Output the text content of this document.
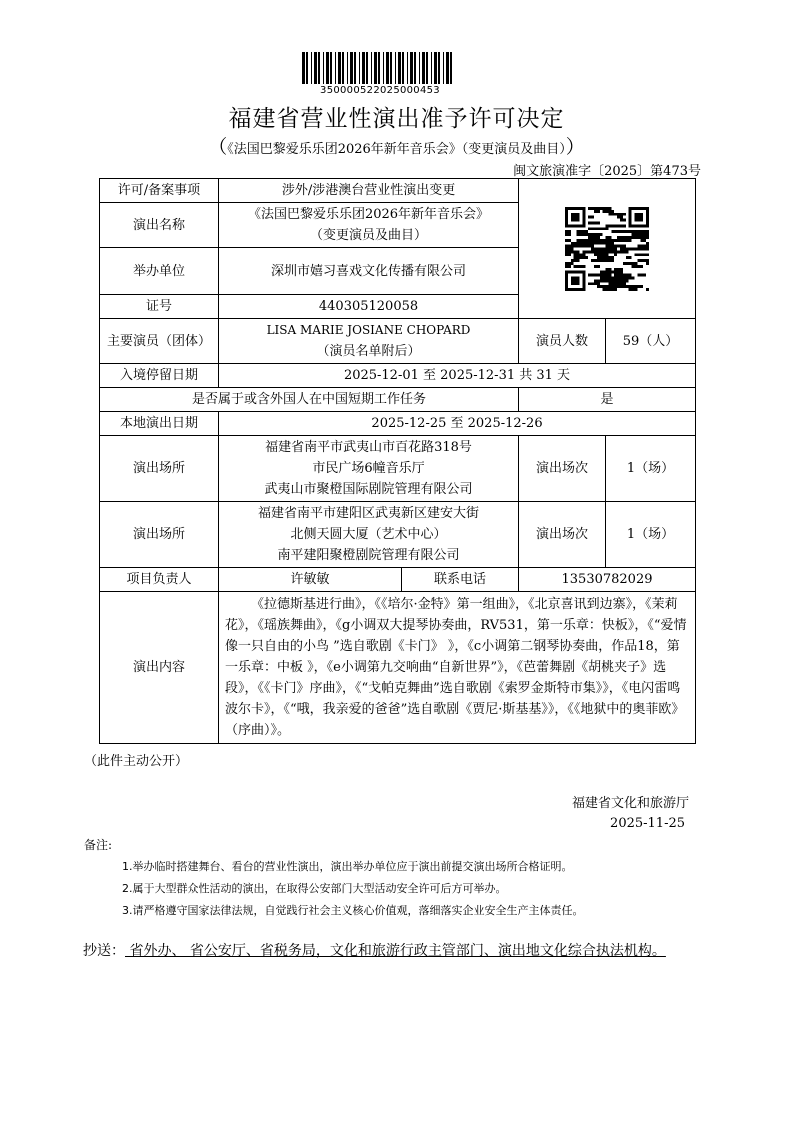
350000522025000453
福建省营业性演出准予许可决定
（《法国巴黎爱乐乐团2026年新年音乐会》（变更演员及曲目））
闽文旅演准字〔2025〕第473号
许可/备案事项	涉外/涉港澳台营业性演出变更	

演出名称	《法国巴黎爱乐乐团2026年新年音乐会》
（变更演员及曲目）			

举办单位	深圳市嬉习喜戏文化传播有限公司			
证号	440305120058			
主要演员（团体）	LISA MARIE JOSIANE CHOPARD
（演员名单附后）		演员人数	59（人）
入境停留日期	2025-12-01 至 2025-12-31 共 31 天			
是否属于或含外国人在中国短期工作任务			是	
本地演出日期	2025-12-25 至 2025-12-26			
演出场所	福建省南平市武夷山市百花路318号
市民广场6幢音乐厅
武夷山市聚橙国际剧院管理有限公司		演出场次	1（场）
演出场所	福建省南平市建阳区武夷新区建安大街
北侧天圆大厦（艺术中心）
南平建阳聚橙剧院管理有限公司		演出场次	1（场）
项目负责人	许敏敏	联系电话	13530782029	
演出内容	《拉德斯基进行曲》，《《培尔·金特》第一组曲》，《北京喜讯到边寨》，《茉莉花》，《瑶族舞曲》，《g小调双大提琴协奏曲，RV531，第一乐章：快板》，《“爱情像一只自由的小鸟 ”选自歌剧《卡门》 》，《c小调第二钢琴协奏曲，作品18，第一乐章：中板 》，《e小调第九交响曲“自新世界”》，《芭蕾舞剧《胡桃夹子》选段》，《《卡门》序曲》，《“戈帕克舞曲”选自歌剧《索罗金斯特市集》》，《电闪雷鸣波尔卡》，《“哦，我亲爱的爸爸”选自歌剧《贾尼·斯基基》》，《《地狱中的奥菲欧》（序曲）》。			
（此件主动公开）
福建省文化和旅游厅
2025-11-25
备注:
1.举办临时搭建舞台、看台的营业性演出，演出举办单位应于演出前提交演出场所合格证明。
2.属于大型群众性活动的演出，在取得公安部门大型活动安全许可后方可举办。
3.请严格遵守国家法律法规，自觉践行社会主义核心价值观，落细落实企业安全生产主体责任。
抄送： 省外办、 省公安厅、省税务局，文化和旅游行政主管部门、演出地文化综合执法机构。
